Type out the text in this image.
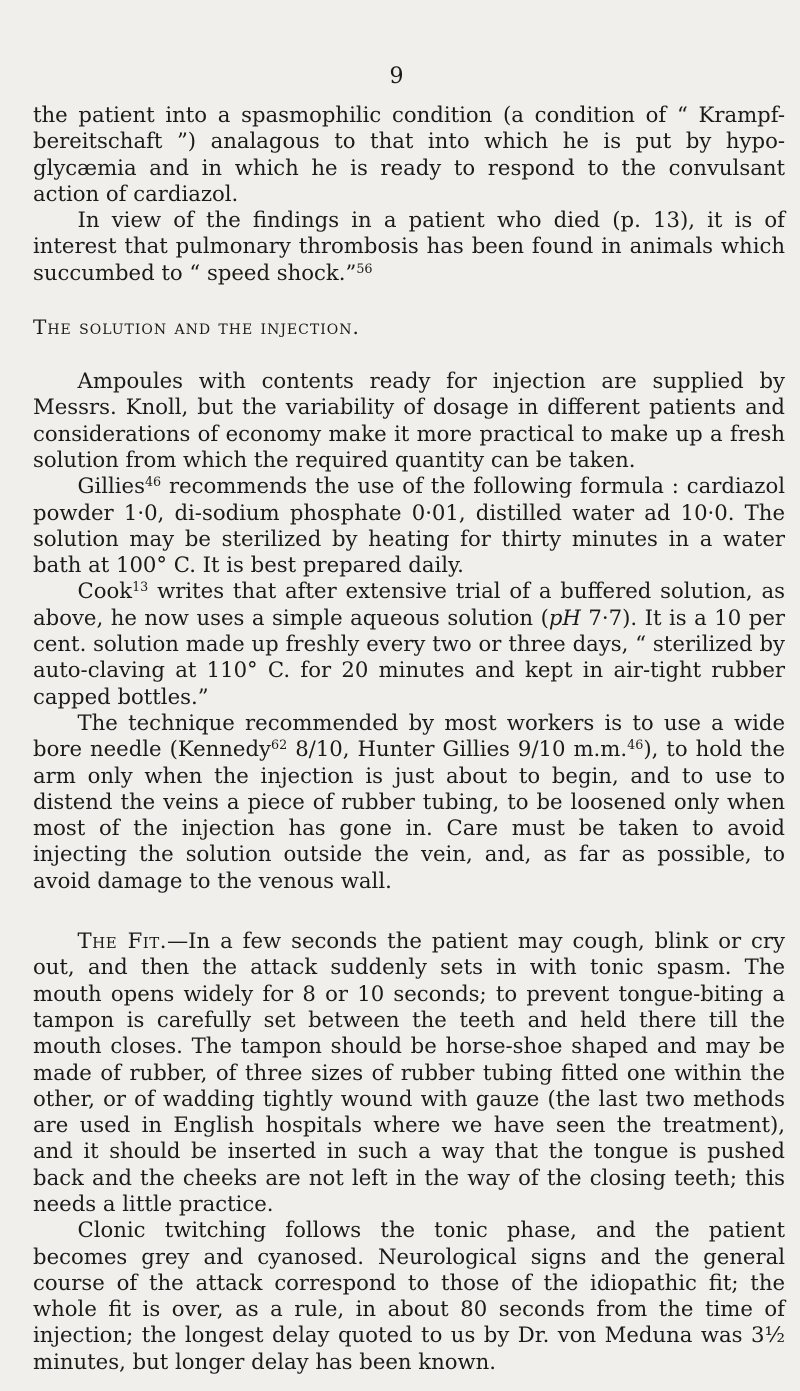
9

the patient into a spasmophilic condition (a condition of “ Krampf-bereitschaft ”) analagous to that into which he is put by hypo-glycæmia and in which he is ready to respond to the convulsant action of cardiazol.

In view of the findings in a patient who died (p. 13), it is of interest that pulmonary thrombosis has been found in animals which succumbed to “ speed shock.”$^{56}$

The solution and the injection.

Ampoules with contents ready for injection are supplied by Messrs. Knoll, but the variability of dosage in different patients and considerations of economy make it more practical to make up a fresh solution from which the required quantity can be taken.

Gillies$^{46}$ recommends the use of the following formula : cardiazol powder 1·0, di-sodium phosphate 0·01, distilled water ad 10·0. The solution may be sterilized by heating for thirty minutes in a water bath at 100° C. It is best prepared daily.

Cook$^{13}$ writes that after extensive trial of a buffered solution, as above, he now uses a simple aqueous solution (pH 7·7). It is a 10 per cent. solution made up freshly every two or three days, “ sterilized by auto-claving at 110° C. for 20 minutes and kept in air-tight rubber capped bottles.”

The technique recommended by most workers is to use a wide bore needle (Kennedy$^{62}$ 8/10, Hunter Gillies 9/10 m.m.$^{46}$), to hold the arm only when the injection is just about to begin, and to use to distend the veins a piece of rubber tubing, to be loosened only when most of the injection has gone in. Care must be taken to avoid injecting the solution outside the vein, and, as far as possible, to avoid damage to the venous wall.

The Fit.—In a few seconds the patient may cough, blink or cry out, and then the attack suddenly sets in with tonic spasm. The mouth opens widely for 8 or 10 seconds; to prevent tongue-biting a tampon is carefully set between the teeth and held there till the mouth closes. The tampon should be horse-shoe shaped and may be made of rubber, of three sizes of rubber tubing fitted one within the other, or of wadding tightly wound with gauze (the last two methods are used in English hospitals where we have seen the treatment), and it should be inserted in such a way that the tongue is pushed back and the cheeks are not left in the way of the closing teeth; this needs a little practice.

Clonic twitching follows the tonic phase, and the patient becomes grey and cyanosed. Neurological signs and the general course of the attack correspond to those of the idiopathic fit; the whole fit is over, as a rule, in about 80 seconds from the time of injection; the longest delay quoted to us by Dr. von Meduna was 3½ minutes, but longer delay has been known.
